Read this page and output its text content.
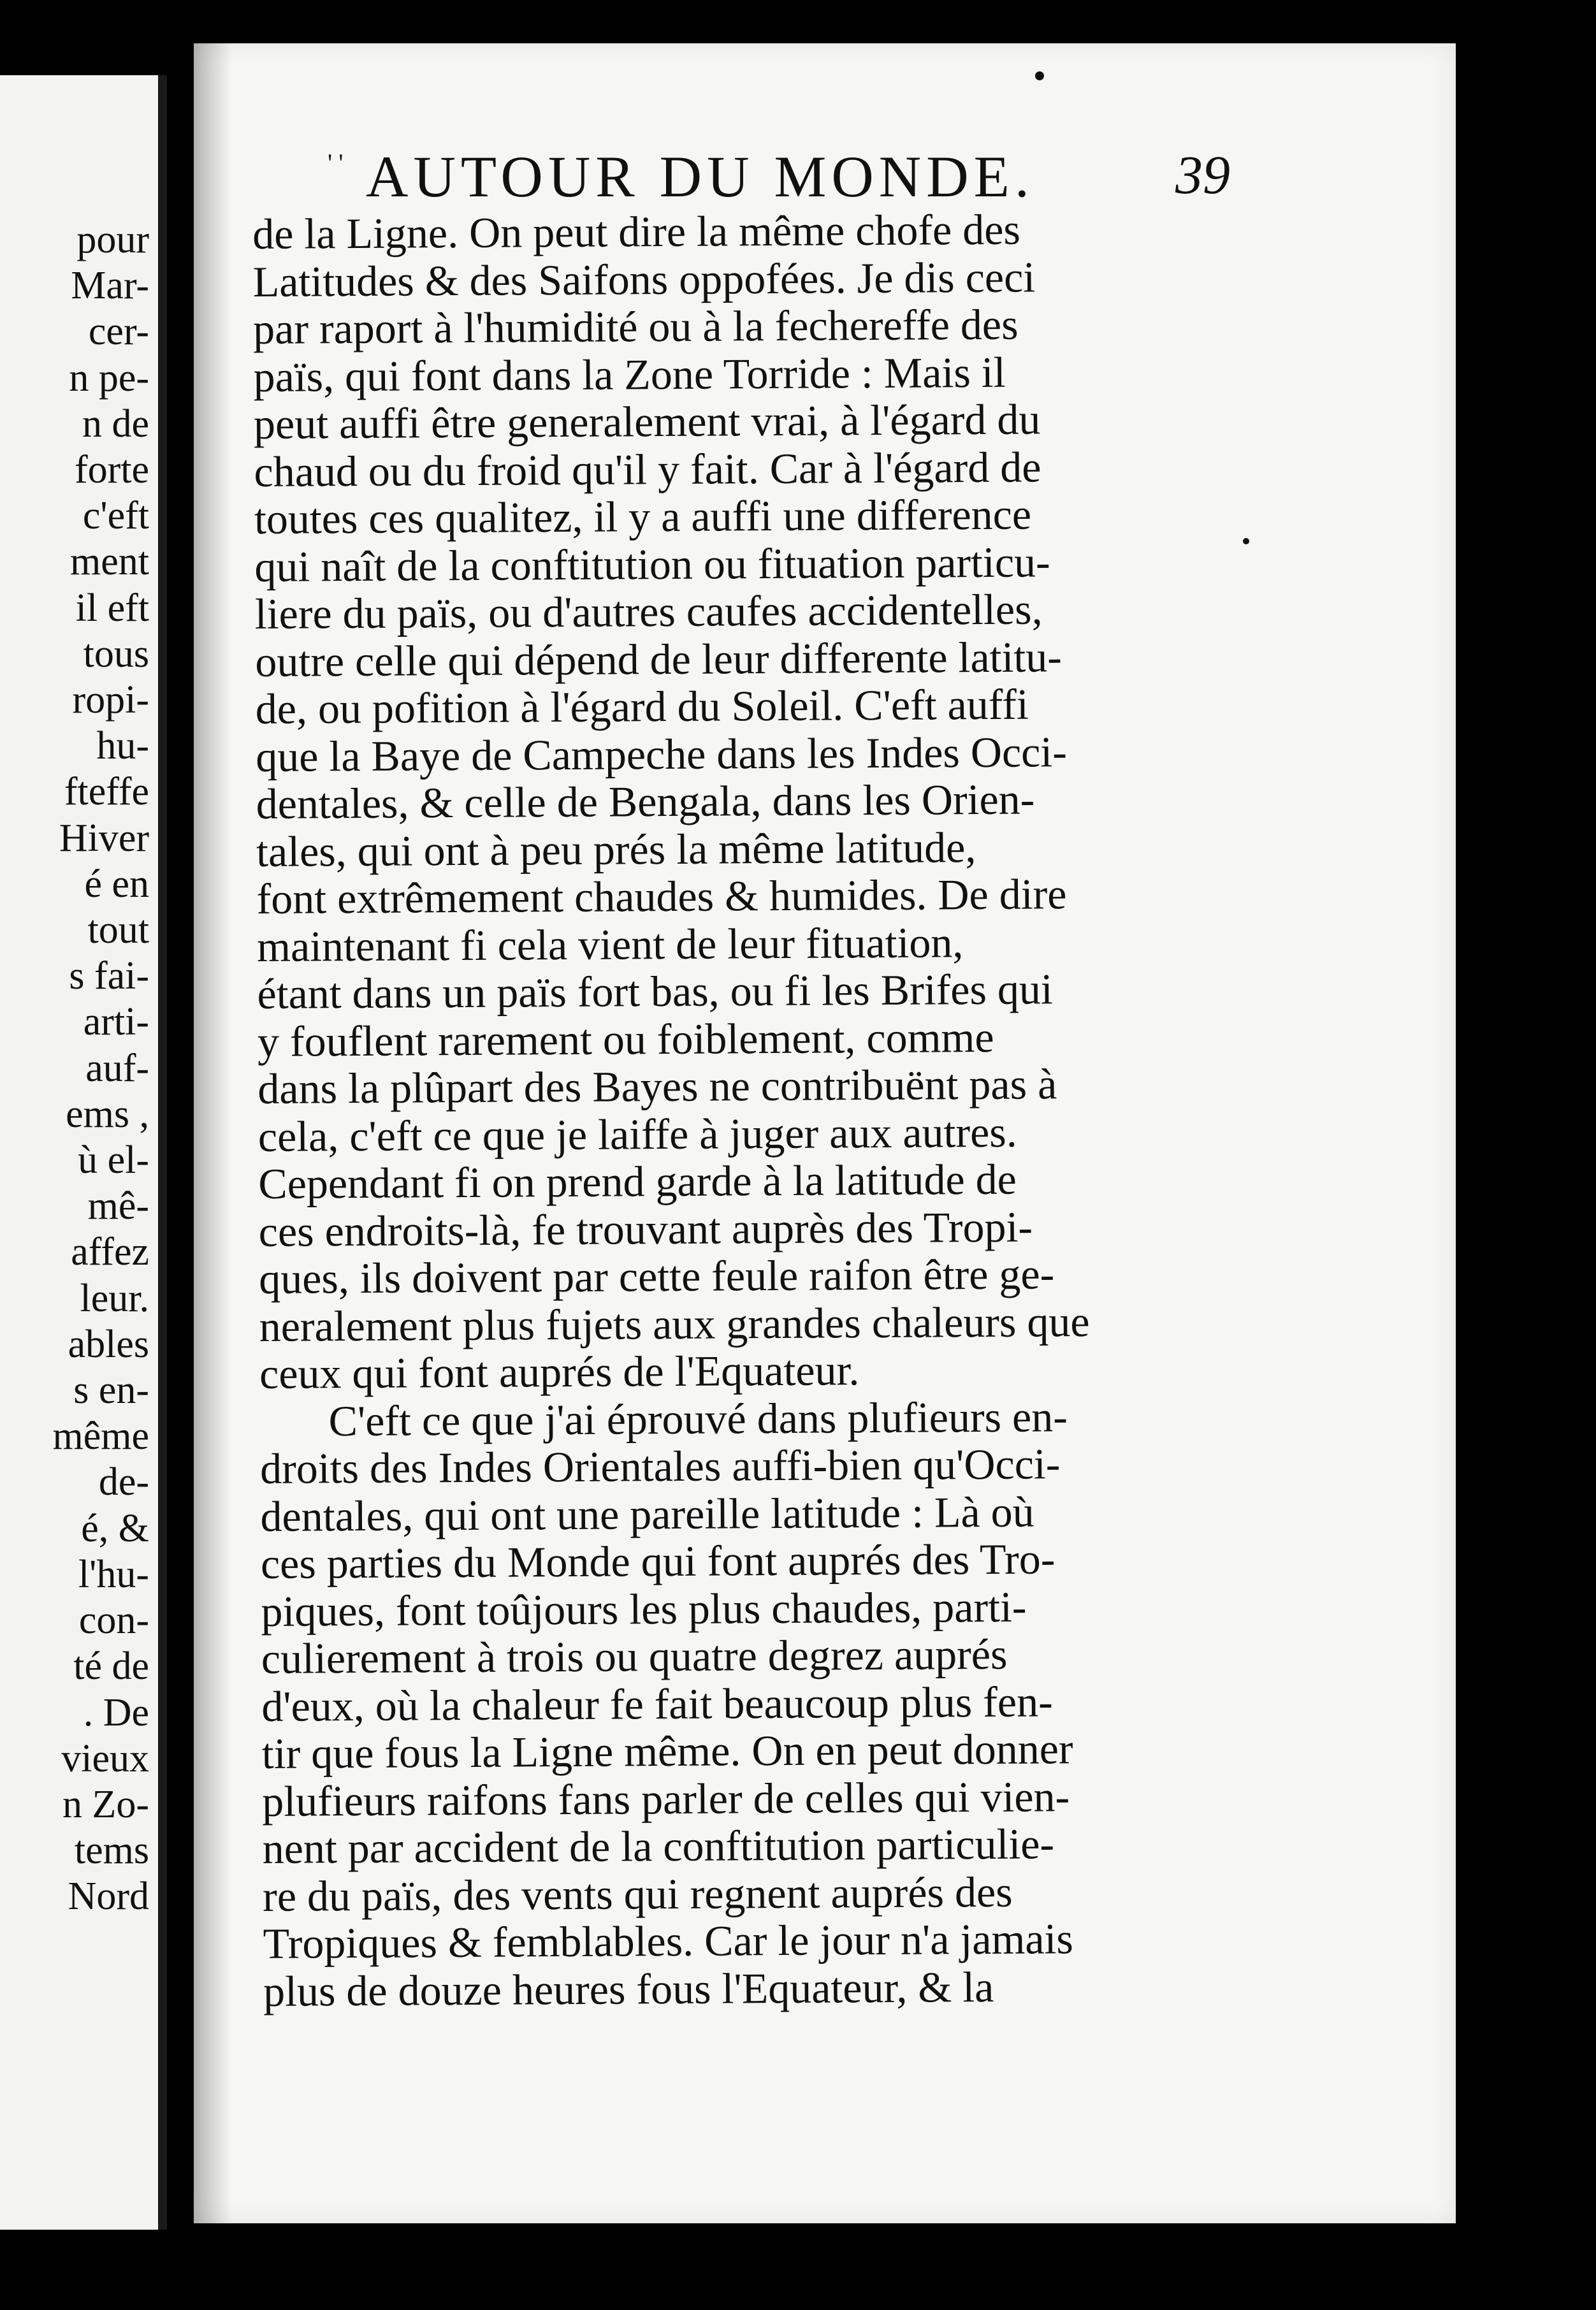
pour
Mar-
cer-
n pe-
n de
forte
c'eft
ment
il eft
tous
ropi-
hu-
fteffe
Hiver
é en
tout
s fai-
arti-
auf-
ems ,
ù el-
mê-
affez
leur.
ables
s en-
même
de-
é, &
l'hu-
con-
té de
. De
vieux
n Zo-
tems
Nord
' ' AUTOUR DU MONDE.	39
de la Ligne. On peut dire la même chofe des
Latitudes & des Saifons oppofées. Je dis ceci
par raport à l'humidité ou à la fechereffe des
païs, qui font dans la Zone Torride : Mais il
peut auffi être generalement vrai, à l'égard du
chaud ou du froid qu'il y fait. Car à l'égard de
toutes ces qualitez, il y a auffi une difference
qui naît de la conftitution ou fituation particu-
liere du païs, ou d'autres caufes accidentelles,
outre celle qui dépend de leur differente latitu-
de, ou pofition à l'égard du Soleil. C'eft auffi
que la Baye de Campeche dans les Indes Occi-
dentales, & celle de Bengala, dans les Orien-
tales, qui ont à peu prés la même latitude,
font extrêmement chaudes & humides. De dire
maintenant fi cela vient de leur fituation,
étant dans un païs fort bas, ou fi les Brifes qui
y fouflent rarement ou foiblement, comme
dans la plûpart des Bayes ne contribuënt pas à
cela, c'eft ce que je laiffe à juger aux autres.
Cependant fi on prend garde à la latitude de
ces endroits-là, fe trouvant auprès des Tropi-
ques, ils doivent par cette feule raifon être ge-
neralement plus fujets aux grandes chaleurs que
ceux qui font auprés de l'Equateur.
C'eft ce que j'ai éprouvé dans plufieurs en-
droits des Indes Orientales auffi-bien qu'Occi-
dentales, qui ont une pareille latitude : Là où
ces parties du Monde qui font auprés des Tro-
piques, font toûjours les plus chaudes, parti-
culierement à trois ou quatre degrez auprés
d'eux, où la chaleur fe fait beaucoup plus fen-
tir que fous la Ligne même. On en peut donner
plufieurs raifons fans parler de celles qui vien-
nent par accident de la conftitution particulie-
re du païs, des vents qui regnent auprés des
Tropiques & femblables. Car le jour n'a jamais
plus de douze heures fous l'Equateur, & la
